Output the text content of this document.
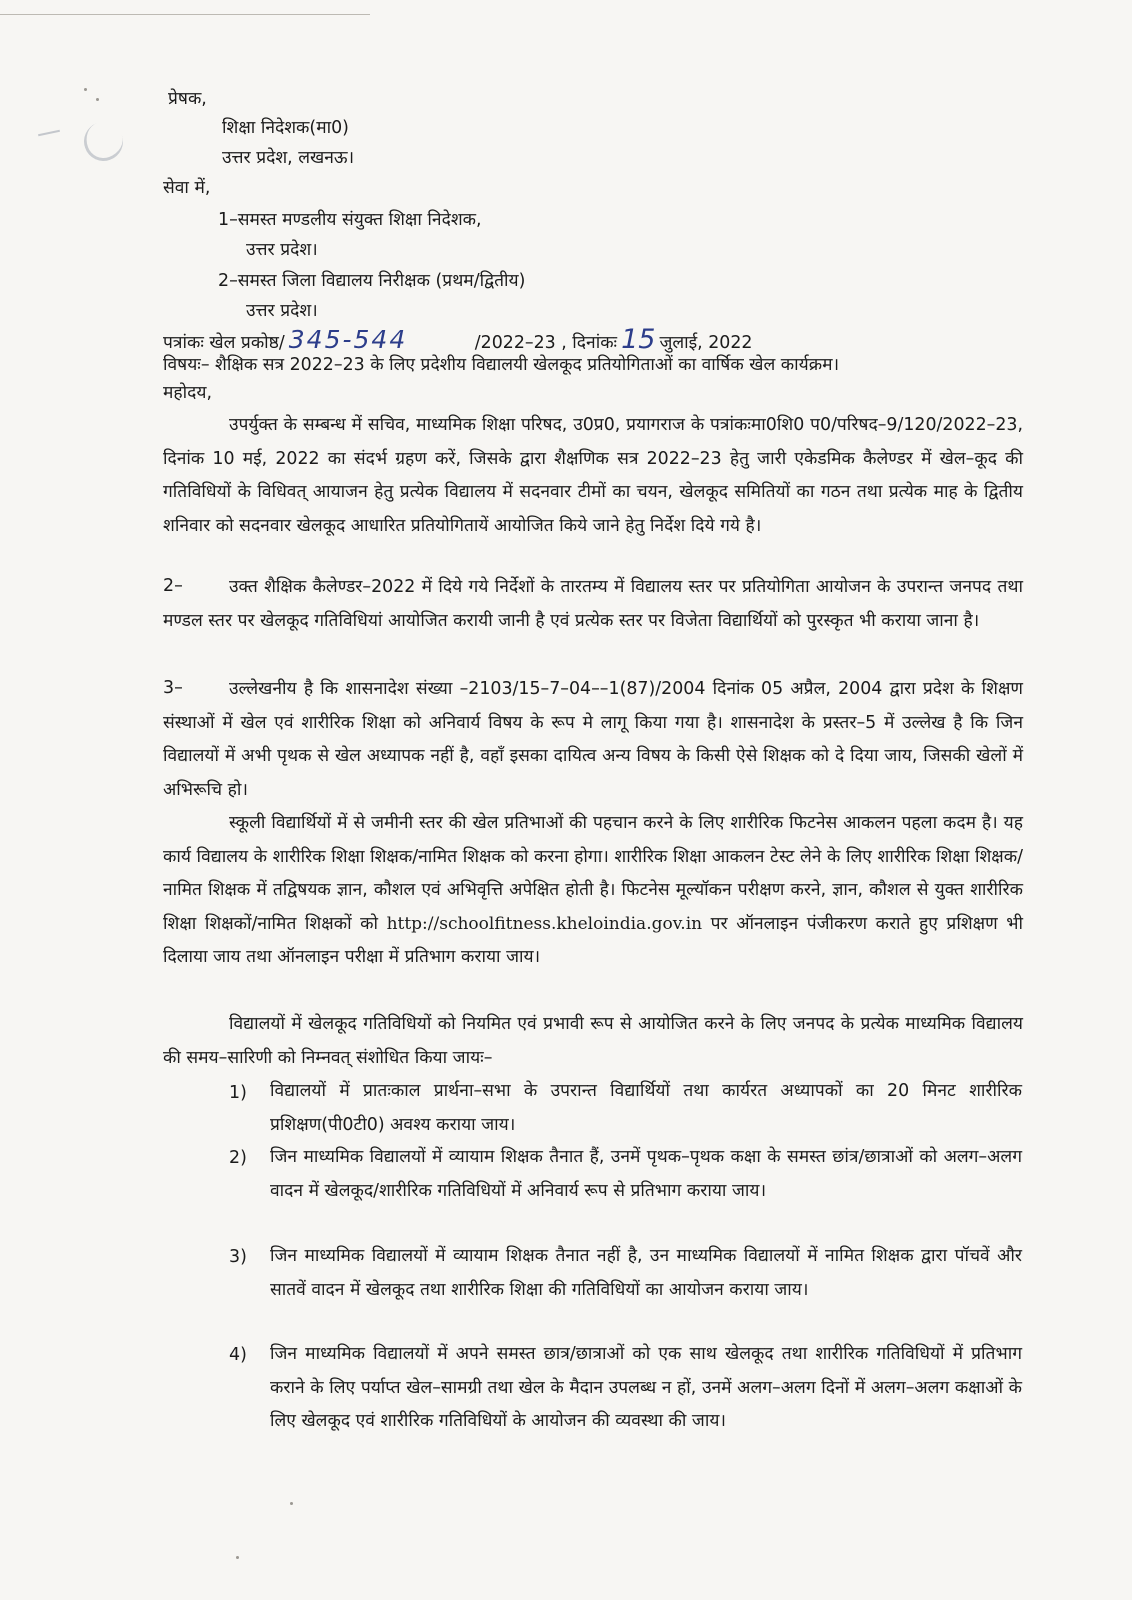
प्रेषक,
शिक्षा निदेशक(मा0)
उत्तर प्रदेश, लखनऊ।
सेवा में,
1–समस्त मण्डलीय संयुक्त शिक्षा निदेशक,
उत्तर प्रदेश।
2–समस्त जिला विद्यालय निरीक्षक (प्रथम/द्वितीय)
उत्तर प्रदेश।
पत्रांकः खेल प्रकोष्ठ/ 345-544	/2022–23 , दिनांकः 15 जुलाई, 2022
विषयः– शैक्षिक सत्र 2022–23 के लिए प्रदेशीय विद्यालयी खेलकूद प्रतियोगिताओं का वार्षिक खेल कार्यक्रम।
महोदय,
उपर्युक्त के सम्बन्ध में सचिव, माध्यमिक शिक्षा परिषद, उ0प्र0, प्रयागराज के पत्रांकःमा0शि0 प0/परिषद–9/120/2022–23, दिनांक 10 मई, 2022 का संदर्भ ग्रहण करें, जिसके द्वारा शैक्षणिक सत्र 2022–23 हेतु जारी एकेडमिक कैलेण्डर में खेल–कूद की गतिविधियों के विधिवत् आयाजन हेतु प्रत्येक विद्यालय में सदनवार टीमों का चयन, खेलकूद समितियों का गठन तथा प्रत्येक माह के द्वितीय शनिवार को सदनवार खेलकूद आधारित प्रतियोगितायें आयोजित किये जाने हेतु निर्देश दिये गये है।
2–	उक्त शैक्षिक कैलेण्डर–2022 में दिये गये निर्देशों के तारतम्य में विद्यालय स्तर पर प्रतियोगिता आयोजन के उपरान्त जनपद तथा मण्डल स्तर पर खेलकूद गतिविधियां आयोजित करायी जानी है एवं प्रत्येक स्तर पर विजेता विद्यार्थियों को पुरस्कृत भी कराया जाना है।
3–	उल्लेखनीय है कि शासनादेश संख्या –2103/15–7–04––1(87)/2004 दिनांक 05 अप्रैल, 2004 द्वारा प्रदेश के शिक्षण संस्थाओं में खेल एवं शारीरिक शिक्षा को अनिवार्य विषय के रूप मे लागू किया गया है। शासनादेश के प्रस्तर–5 में उल्लेख है कि जिन विद्यालयों में अभी पृथक से खेल अध्यापक नहीं है, वहाँ इसका दायित्व अन्य विषय के किसी ऐसे शिक्षक को दे दिया जाय, जिसकी खेलों में अभिरूचि हो।
स्कूली विद्यार्थियों में से जमीनी स्तर की खेल प्रतिभाओं की पहचान करने के लिए शारीरिक फिटनेस आकलन पहला कदम है। यह कार्य विद्यालय के शारीरिक शिक्षा शिक्षक/नामित शिक्षक को करना होगा। शारीरिक शिक्षा आकलन टेस्ट लेने के लिए शारीरिक शिक्षा शिक्षक/नामित शिक्षक में तद्विषयक ज्ञान, कौशल एवं अभिवृत्ति अपेक्षित होती है। फिटनेस मूल्यॉकन परीक्षण करने, ज्ञान, कौशल से युक्त शारीरिक शिक्षा शिक्षकों/नामित शिक्षकों को http://schoolfitness.kheloindia.gov.in पर ऑनलाइन पंजीकरण कराते हुए प्रशिक्षण भी दिलाया जाय तथा ऑनलाइन परीक्षा में प्रतिभाग कराया जाय।
विद्यालयों में खेलकूद गतिविधियों को नियमित एवं प्रभावी रूप से आयोजित करने के लिए जनपद के प्रत्येक माध्यमिक विद्यालय की समय–सारिणी को निम्नवत् संशोधित किया जायः–
1) विद्यालयों में प्रातःकाल प्रार्थना–सभा के उपरान्त विद्यार्थियों तथा कार्यरत अध्यापकों का 20 मिनट शारीरिक प्रशिक्षण(पी0टी0) अवश्य कराया जाय।
2) जिन माध्यमिक विद्यालयों में व्यायाम शिक्षक तैनात हैं, उनमें पृथक–पृथक कक्षा के समस्त छांत्र/छात्राओं को अलग–अलग वादन में खेलकूद/शारीरिक गतिविधियों में अनिवार्य रूप से प्रतिभाग कराया जाय।
3) जिन माध्यमिक विद्यालयों में व्यायाम शिक्षक तैनात नहीं है, उन माध्यमिक विद्यालयों में नामित शिक्षक द्वारा पॉचवें और सातवें वादन में खेलकूद तथा शारीरिक शिक्षा की गतिविधियों का आयोजन कराया जाय।
4) जिन माध्यमिक विद्यालयों में अपने समस्त छात्र/छात्राओं को एक साथ खेलकूद तथा शारीरिक गतिविधियों में प्रतिभाग कराने के लिए पर्याप्त खेल–सामग्री तथा खेल के मैदान उपलब्ध न हों, उनमें अलग–अलग दिनों में अलग–अलग कक्षाओं के लिए खेलकूद एवं शारीरिक गतिविधियों के आयोजन की व्यवस्था की जाय।
